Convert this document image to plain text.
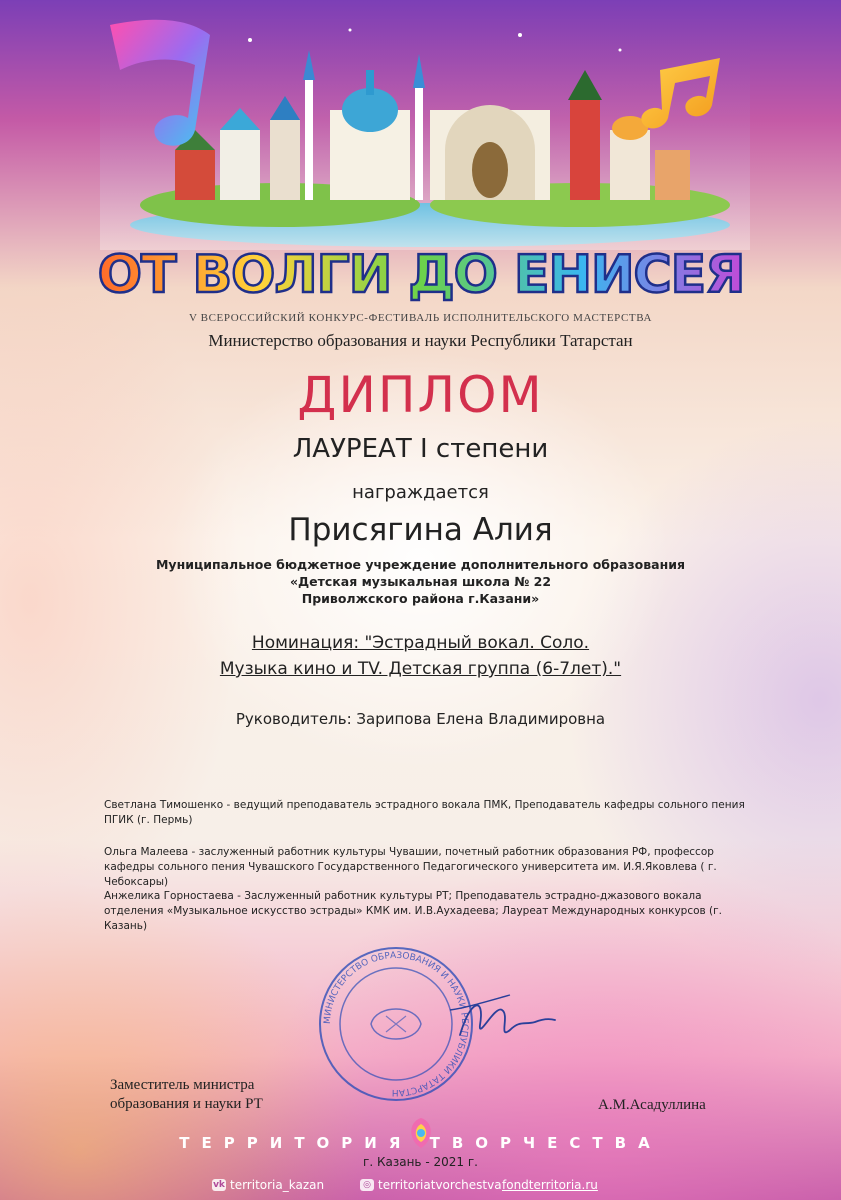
ОТ ВОЛГИ ДО ЕНИСЕЯ
V ВСЕРОССИЙСКИЙ КОНКУРС-ФЕСТИВАЛЬ ИСПОЛНИТЕЛЬСКОГО МАСТЕРСТВА
Министерство образования и науки Республики Татарстан
ДИПЛОМ
ЛАУРЕАТ I степени
награждается
Присягина Алия
Муниципальное бюджетное учреждение дополнительного образования
«Детская музыкальная школа № 22
Приволжского района г.Казани»
Номинация: "Эстрадный вокал. Соло.
Музыка кино и TV. Детская группа (6-7лет)."
Руководитель: Зарипова Елена Владимировна
Светлана Тимошенко - ведущий преподаватель эстрадного вокала ПМК, Преподаватель кафедры сольного пения ПГИК (г. Пермь)
Ольга Малеева - заслуженный работник культуры Чувашии, почетный работник образования РФ, профессор кафедры сольного пения Чувашского Государственного Педагогического университета им. И.Я.Яковлева ( г. Чебоксары)
Анжелика Горностаева - Заслуженный работник культуры РТ; Преподаватель эстрадно-джазового вокала отделения «Музыкальное искусство эстрады» КМК им. И.В.Аухадеева; Лауреат Международных конкурсов (г. Казань)
МИНИСТЕРСТВО ОБРАЗОВАНИЯ И НАУКИ РЕСПУБЛИКИ ТАТАРСТАН
Заместитель министра
образования и науки РТ	А.М.Асадуллина
ТЕРРИТОРИЯ ТВОРЧЕСТВА
г. Казань - 2021 г.
vk territoria_kazan	◎ territoriatvorchestva fondterritoria.ru
